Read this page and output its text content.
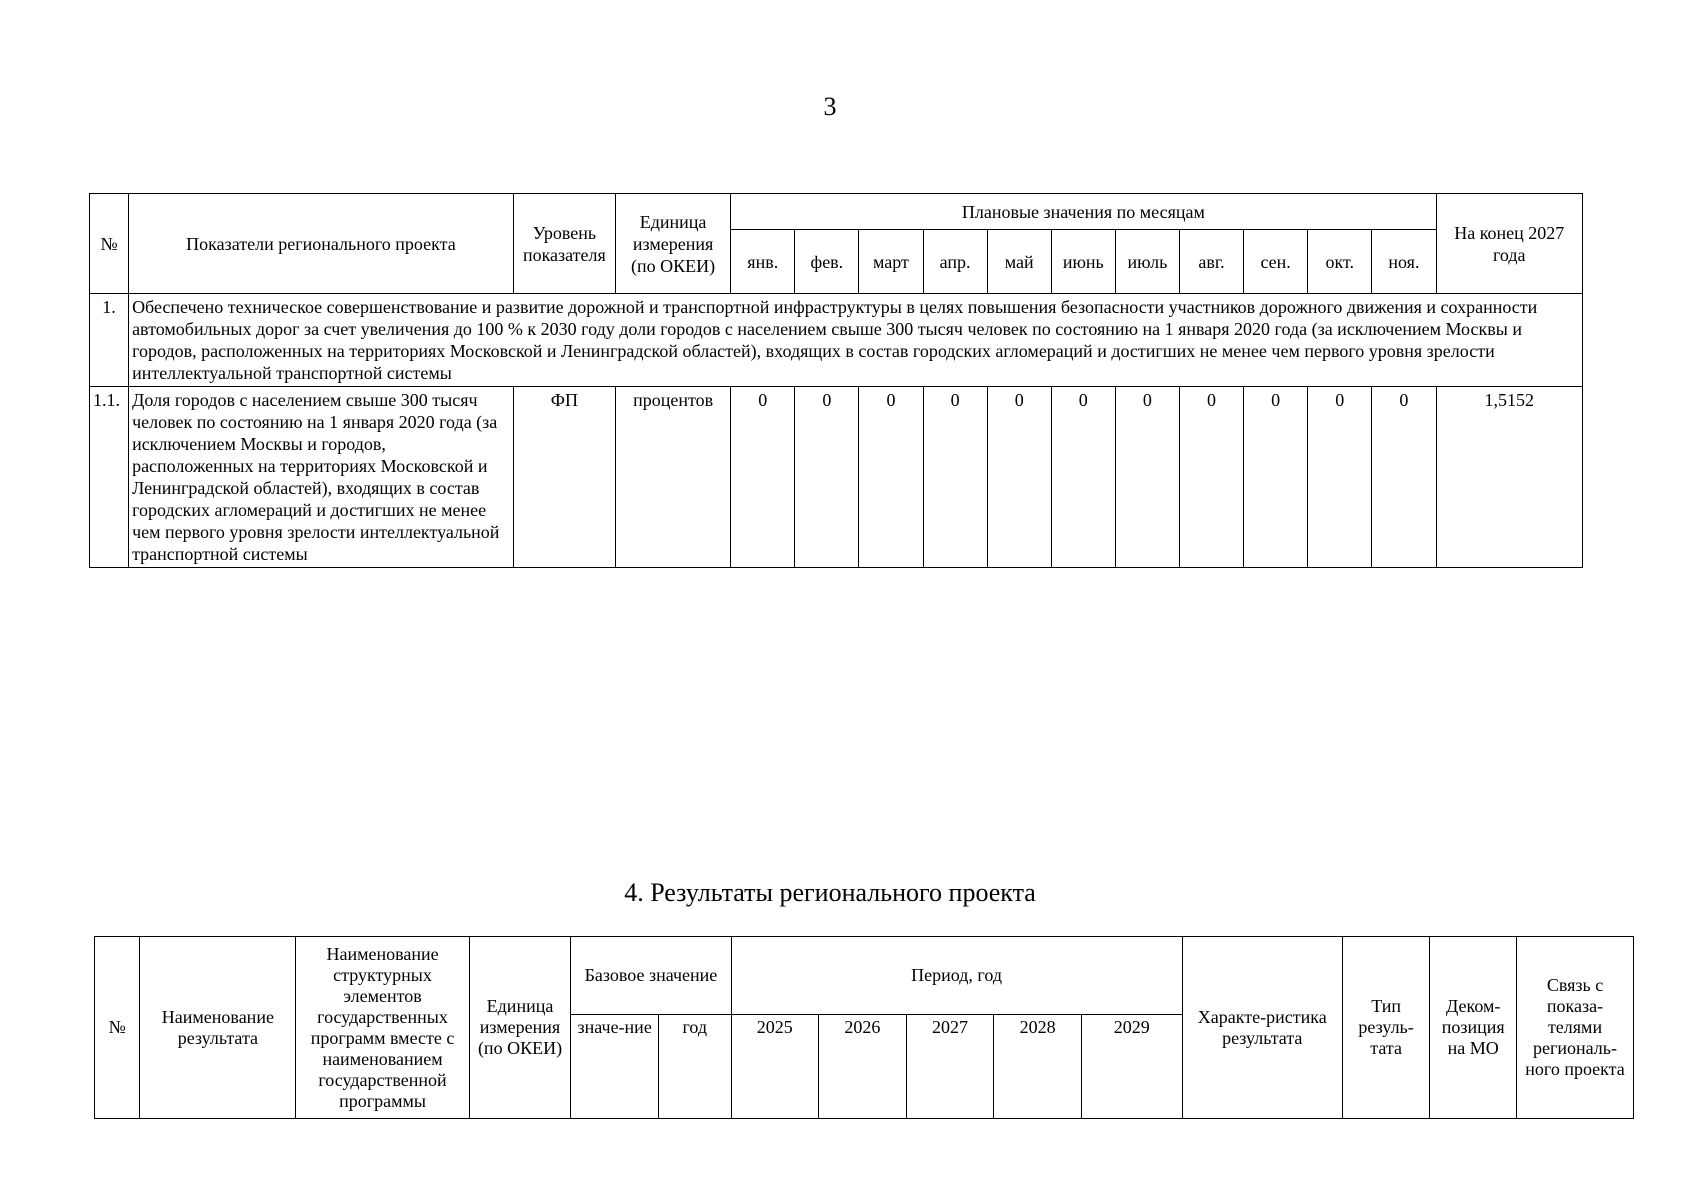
3
№	Показатели регионального проекта	Уровень показателя	Единица измерения (по ОКЕИ)	Плановые значения по месяцам											На конец 2027 года
				янв.	фев.	март	апр.	май	июнь	июль	авг.	сен.	окт.	ноя.	
1.	Обеспечено техническое совершенствование и развитие дорожной и транспортной инфраструктуры в целях повышения безопасности участников дорожного движения и сохранности автомобильных дорог за счет увеличения до 100 % к 2030 году доли городов с населением свыше 300 тысяч человек по состоянию на 1 января 2020 года (за исключением Москвы и городов, расположенных на территориях Московской и Ленинградской областей), входящих в состав городских агломераций и достигших не менее чем первого уровня зрелости интеллектуальной транспортной системы														
1.1.	Доля городов с населением свыше 300 тысяч человек по состоянию на 1 января 2020 года (за исключением Москвы и городов, расположенных на территориях Московской и Ленинградской областей), входящих в состав городских агломераций и достигших не менее чем первого уровня зрелости интеллектуальной транспортной системы	ФП	процентов	0	0	0	0	0	0	0	0	0	0	0	1,5152
4. Результаты регионального проекта
№	Наименование результата	Наименование структурных элементов государственных программ вместе с наименованием государственной программы	Единица измерения (по ОКЕИ)	Базовое значение		Период, год					Характе-ристика результата	Тип резуль-тата	Деком-позиция на МО	Связь с показа-телями региональ-ного проекта
				значе-ние	год	2025	2026	2027	2028	2029				
